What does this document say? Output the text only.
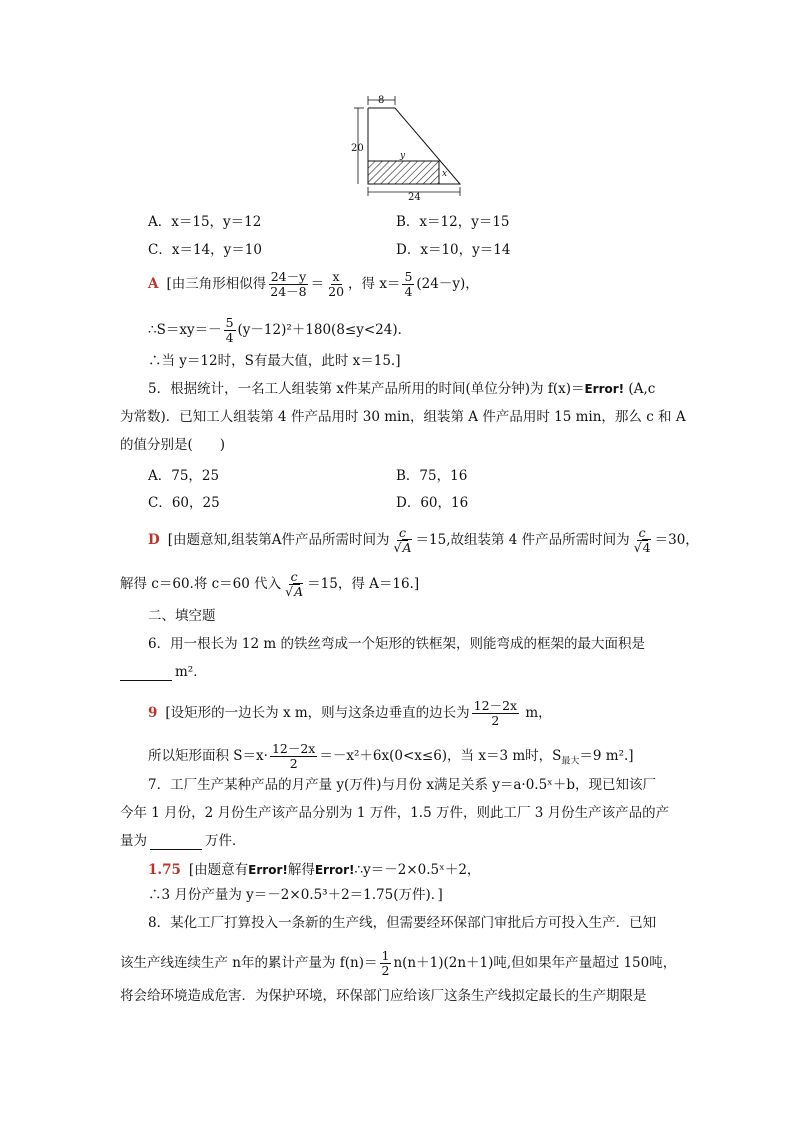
8
20
24
y
x
A．x＝15，y＝12	B．x＝12，y＝15
C．x＝14，y＝10	D．x＝10，y＝14
A [由三角形相似得 $\frac{24-y}{24-8} = \frac{x}{20}$ ，得 $x= \frac{5}{4} (24-y)$，
∴S＝xy＝－ $\frac{5}{4} (y-12)^2+180(8\le y<24)$．
∴当 y＝12时，S有最大值，此时 x＝15.]
5．根据统计，一名工人组装第 x件某产品所用的时间(单位分钟)为 f(x)＝Error! (A,c
为常数)．已知工人组装第 4 件产品用时 30 min，组装第 A 件产品用时 15 min，那么 c 和 A
的值分别是(　　)
A．75，25	B．75，16
C．60，25	D．60，16
D [由题意知,组装第A件产品所需时间为 $\frac{c}{√A} =15$,故组装第 4 件产品所需时间为 $\frac{c}{√4} =30$，
解得 c＝60.将 c＝60 代入 $\frac{c}{√A} =15$，得 A＝16.]
二、填空题
6．用一根长为 12 m 的铁丝弯成一个矩形的铁框架，则能弯成的框架的最大面积是
m²．
9 [设矩形的一边长为 x m，则与这条边垂直的边长为 $\frac{12-2x}{2}$ m，
所以矩形面积 $S=x\cdot \frac{12-2x}{2} =-x^2+6x(0<x\le 6)$，当 x＝3 m时，$S_{最大}=9$ m².]
7．工厂生产某种产品的月产量 y(万件)与月份 x满足关系 y＝a·0.5ˣ＋b，现已知该厂
今年 1 月份，2 月份生产该产品分别为 1 万件，1.5 万件，则此工厂 3 月份生产该产品的产
量为	万件．
1.75 [由题意有Error!解得Error!∴y＝－2×0.5ˣ＋2，
∴3 月份产量为 y＝－2×0.5³＋2＝1.75(万件)．]
8．某化工厂打算投入一条新的生产线，但需要经环保部门审批后方可投入生产．已知
该生产线连续生产 n年的累计产量为 $f(n)= \frac{1}{2} n(n+1)(2n+1)$吨,但如果年产量超过 150吨，
将会给环境造成危害．为保护环境，环保部门应给该厂这条生产线拟定最长的生产期限是
